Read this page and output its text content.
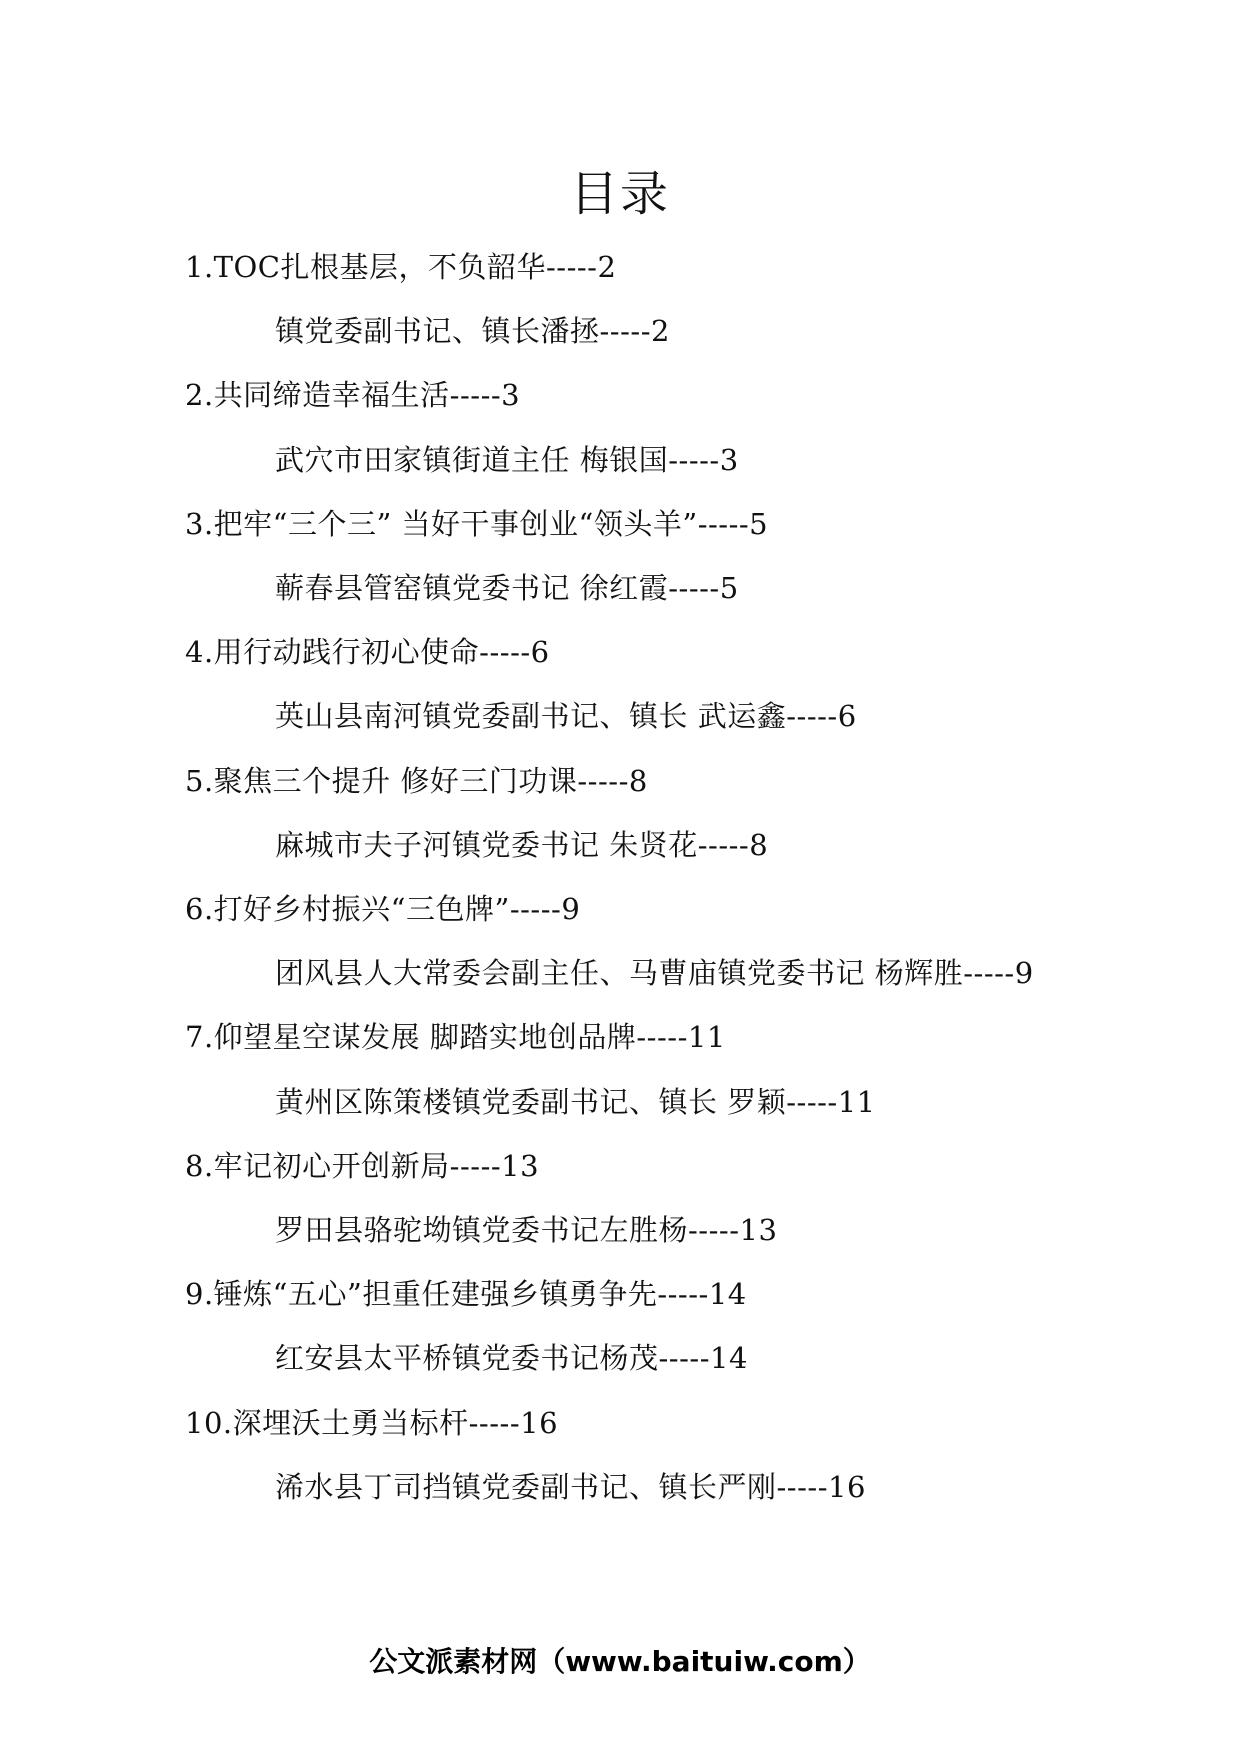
目录
1.TOC扎根基层，不负韶华-----2
镇党委副书记、镇长潘拯-----2
2.共同缔造幸福生活-----3
武穴市田家镇街道主任 梅银国-----3
3.把牢“三个三” 当好干事创业“领头羊”-----5
蕲春县管窑镇党委书记 徐红霞-----5
4.用行动践行初心使命-----6
英山县南河镇党委副书记、镇长 武运鑫-----6
5.聚焦三个提升 修好三门功课-----8
麻城市夫子河镇党委书记 朱贤花-----8
6.打好乡村振兴“三色牌”-----9
团风县人大常委会副主任、马曹庙镇党委书记 杨辉胜-----9
7.仰望星空谋发展 脚踏实地创品牌-----11
黄州区陈策楼镇党委副书记、镇长 罗颖-----11
8.牢记初心开创新局-----13
罗田县骆驼坳镇党委书记左胜杨-----13
9.锤炼“五心”担重任建强乡镇勇争先-----14
红安县太平桥镇党委书记杨茂-----14
10.深埋沃土勇当标杆-----16
浠水县丁司挡镇党委副书记、镇长严刚-----16
公文派素材网（www.baituiw.com）
